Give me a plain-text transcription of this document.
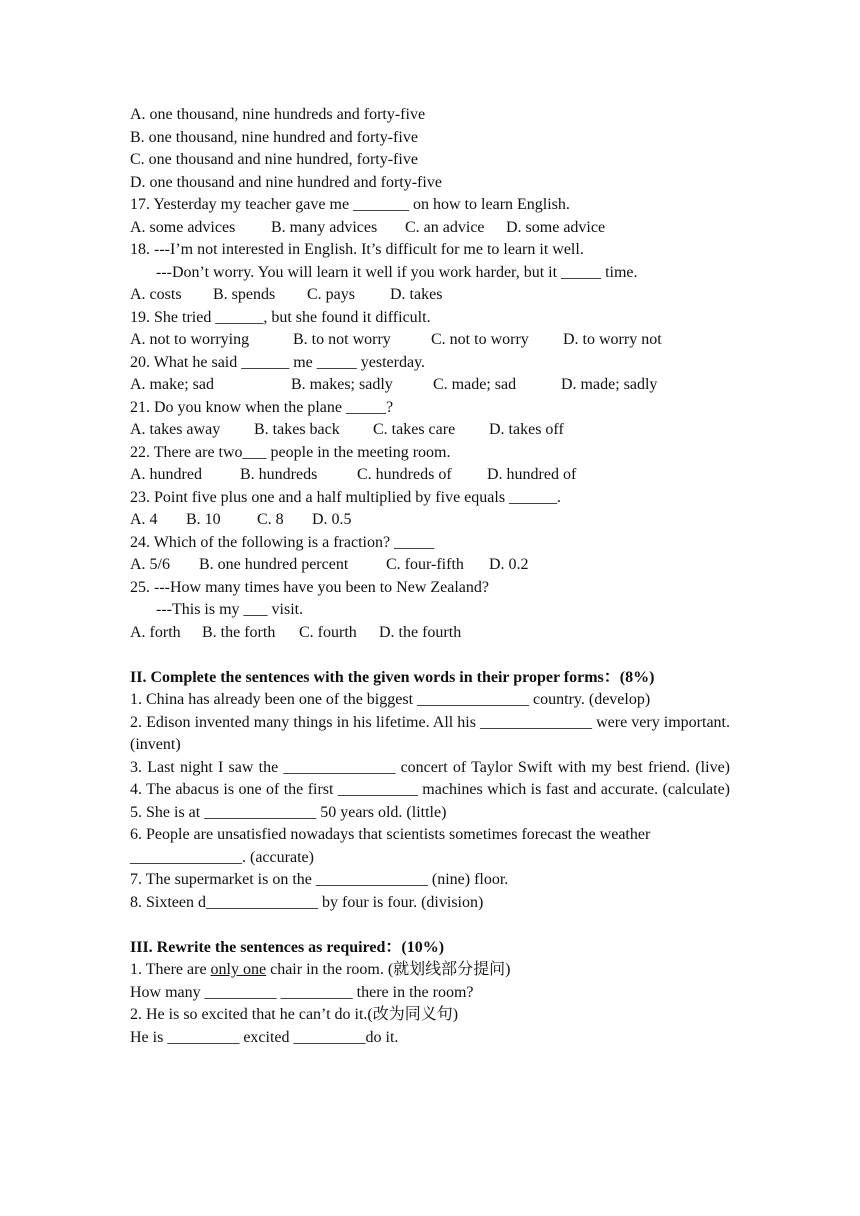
A. one thousand, nine hundreds and forty-five
B. one thousand, nine hundred and forty-five
C. one thousand and nine hundred, forty-five
D. one thousand and nine hundred and forty-five
17. Yesterday my teacher gave me _______ on how to learn English.

A. some advices

B. many advices

C. an advice

D. some advice

18. ---I’m not interested in English. It’s difficult for me to learn it well.
---Don’t worry. You will learn it well if you work harder, but it _____ time.

A. costs

B. spends

C. pays

D. takes

19. She tried ______, but she found it difficult.

A. not to worrying

	B. to not worry

	C. not to worry

D. to worry not

20. What he said ______ me _____ yesterday.

A. make; sad

	B. makes; sadly

	C. made; sad

	D. made; sadly

21. Do you know when the plane _____?

A. takes away

B. takes back

C. takes care

D. takes off

22. There are two___ people in the meeting room.

A. hundred

B. hundreds

C. hundreds of

D. hundred of

23. Point five plus one and a half multiplied by five equals ______.

A. 4

B. 10

C. 8

D. 0.5

24. Which of the following is a fraction? _____

A. 5/6

B. one hundred percent

C. four-fifth

D. 0.2

25. ---How many times have you been to New Zealand?
---This is my ___ visit.

A. forth

B. the forth

C. fourth

D. the fourth

II. Complete the sentences with the given words in their proper forms：(8%)
1. China has already been one of the biggest ______________ country. (develop)
2. Edison invented many things in his lifetime. All his ______________ were very important. (invent)
3. Last night I saw the ______________ concert of Taylor Swift with my best friend. (live)
4. The abacus is one of the first __________ machines which is fast and accurate. (calculate)
5. She is at ______________ 50 years old. (little)
6. People are unsatisfied nowadays that scientists sometimes forecast the weather
______________. (accurate)
7. The supermarket is on the ______________ (nine) floor.
8. Sixteen d______________ by four is four. (division)
III. Rewrite the sentences as required：(10%)
1. There are only one chair in the room. (就划线部分提问)
How many _________ _________ there in the room?
2. He is so excited that he can’t do it.(改为同义句)
He is _________ excited _________do it.
